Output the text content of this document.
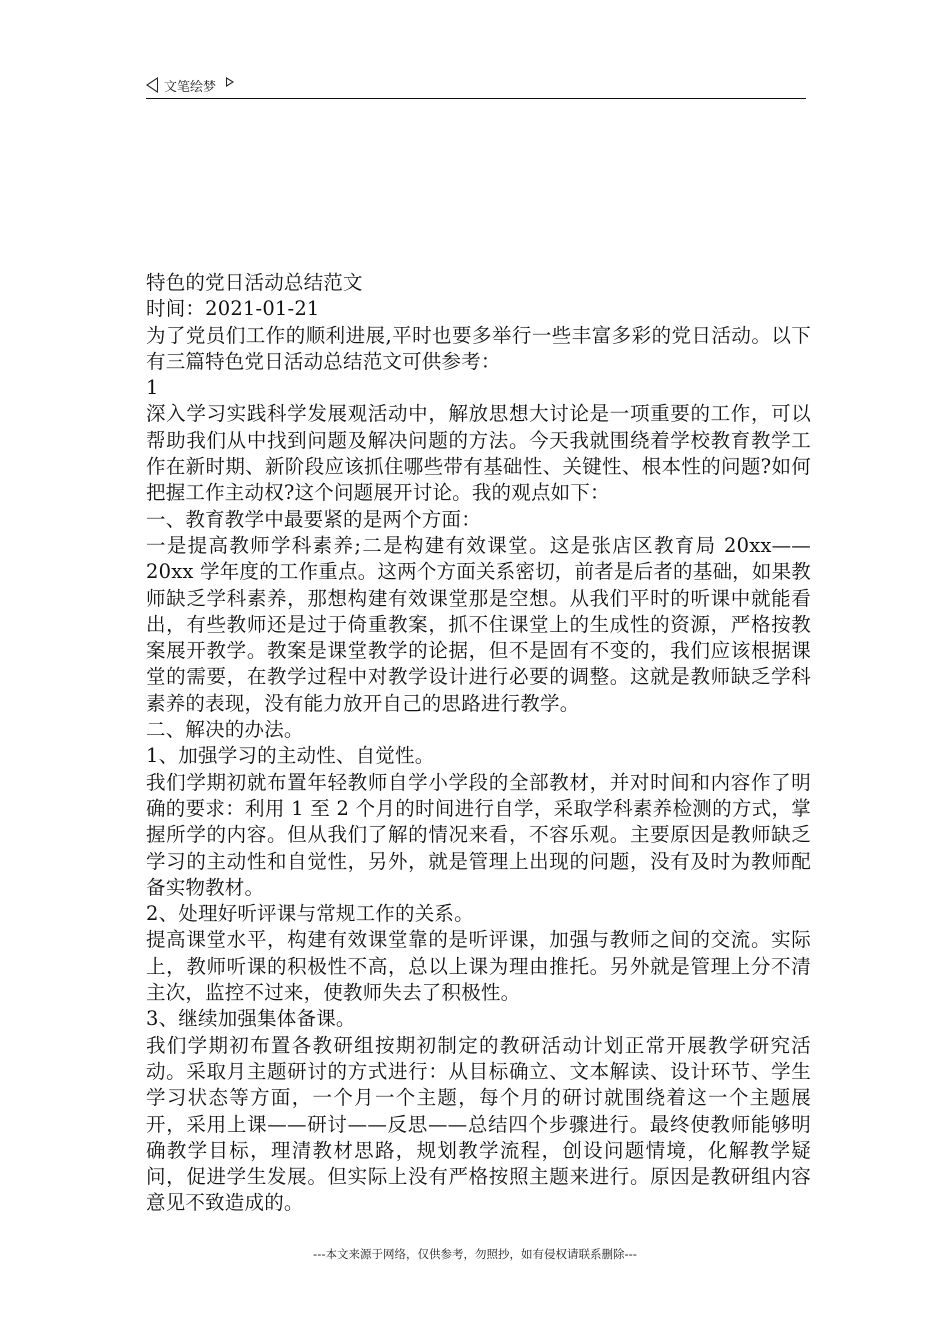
文笔绘梦

特色的党日活动总结范文

时间：2021-01-21

为了党员们工作的顺利进展,平时也要多举行一些丰富多彩的党日活动。以下有三篇特色党日活动总结范文可供参考：

1

深入学习实践科学发展观活动中，解放思想大讨论是一项重要的工作，可以帮助我们从中找到问题及解决问题的方法。今天我就围绕着学校教育教学工作在新时期、新阶段应该抓住哪些带有基础性、关键性、根本性的问题?如何把握工作主动权?这个问题展开讨论。我的观点如下：

一、教育教学中最要紧的是两个方面：

一是提高教师学科素养;二是构建有效课堂。这是张店区教育局 20xx——20xx 学年度的工作重点。这两个方面关系密切，前者是后者的基础，如果教师缺乏学科素养，那想构建有效课堂那是空想。从我们平时的听课中就能看出，有些教师还是过于倚重教案，抓不住课堂上的生成性的资源，严格按教案展开教学。教案是课堂教学的论据，但不是固有不变的，我们应该根据课堂的需要，在教学过程中对教学设计进行必要的调整。这就是教师缺乏学科素养的表现，没有能力放开自己的思路进行教学。

二、解决的办法。

1、加强学习的主动性、自觉性。

我们学期初就布置年轻教师自学小学段的全部教材，并对时间和内容作了明确的要求：利用 1 至 2 个月的时间进行自学，采取学科素养检测的方式，掌握所学的内容。但从我们了解的情况来看，不容乐观。主要原因是教师缺乏学习的主动性和自觉性，另外，就是管理上出现的问题，没有及时为教师配备实物教材。

2、处理好听评课与常规工作的关系。

提高课堂水平，构建有效课堂靠的是听评课，加强与教师之间的交流。实际上，教师听课的积极性不高，总以上课为理由推托。另外就是管理上分不清主次，监控不过来，使教师失去了积极性。

3、继续加强集体备课。

我们学期初布置各教研组按期初制定的教研活动计划正常开展教学研究活动。采取月主题研讨的方式进行：从目标确立、文本解读、设计环节、学生学习状态等方面，一个月一个主题，每个月的研讨就围绕着这一个主题展开，采用上课——研讨——反思——总结四个步骤进行。最终使教师能够明确教学目标，理清教材思路，规划教学流程，创设问题情境，化解教学疑问，促进学生发展。但实际上没有严格按照主题来进行。原因是教研组内容意见不致造成的。

---本文来源于网络，仅供参考，勿照抄，如有侵权请联系删除---
